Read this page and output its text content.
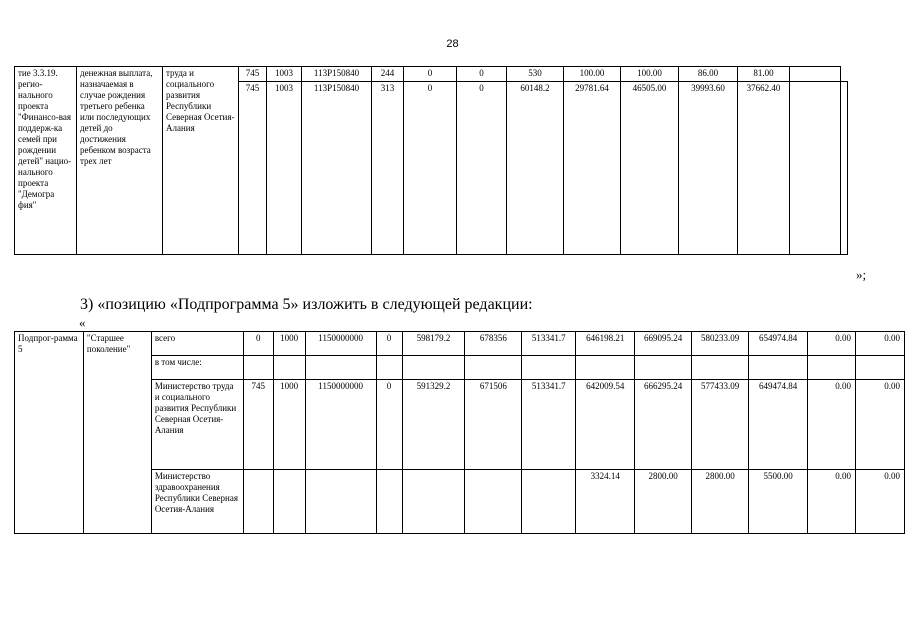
28
тие 3.3.19. регио-нального проекта "Финансо-вая поддерж-ка семей при рождении детей" нацио-нального проекта "Демогра фия"	денежная выплата, назначаемая в случае рождения третьего ребенка или последующих детей до достижения ребенком возраста трех лет	труда и социального развития Республики Северная Осетия-Алания	745	1003	113P150840	244	0	0	530	100.00	100.00	86.00	81.00		
			745	1003	113P150840	313	0	0	60148.2	29781.64	46505.00	39993.60	37662.40		
»;
3) «позицию «Подпрограмма 5» изложить в следующей редакции:
«
Подпрог-рамма 5	"Старшее поколение"	всего	0	1000	1150000000	0	598179.2	678356	513341.7	646198.21	669095.24	580233.09	654974.84	0.00	0.00
		в том числе:													
		Министерство труда и социального развития Республики Северная Осетия-Алания	745	1000	1150000000	0	591329.2	671506	513341.7	642009.54	666295.24	577433.09	649474.84	0.00	0.00
		Министерство здравоохранения Республики Северная Осетия-Алания								3324.14	2800.00	2800.00	5500.00	0.00	0.00
